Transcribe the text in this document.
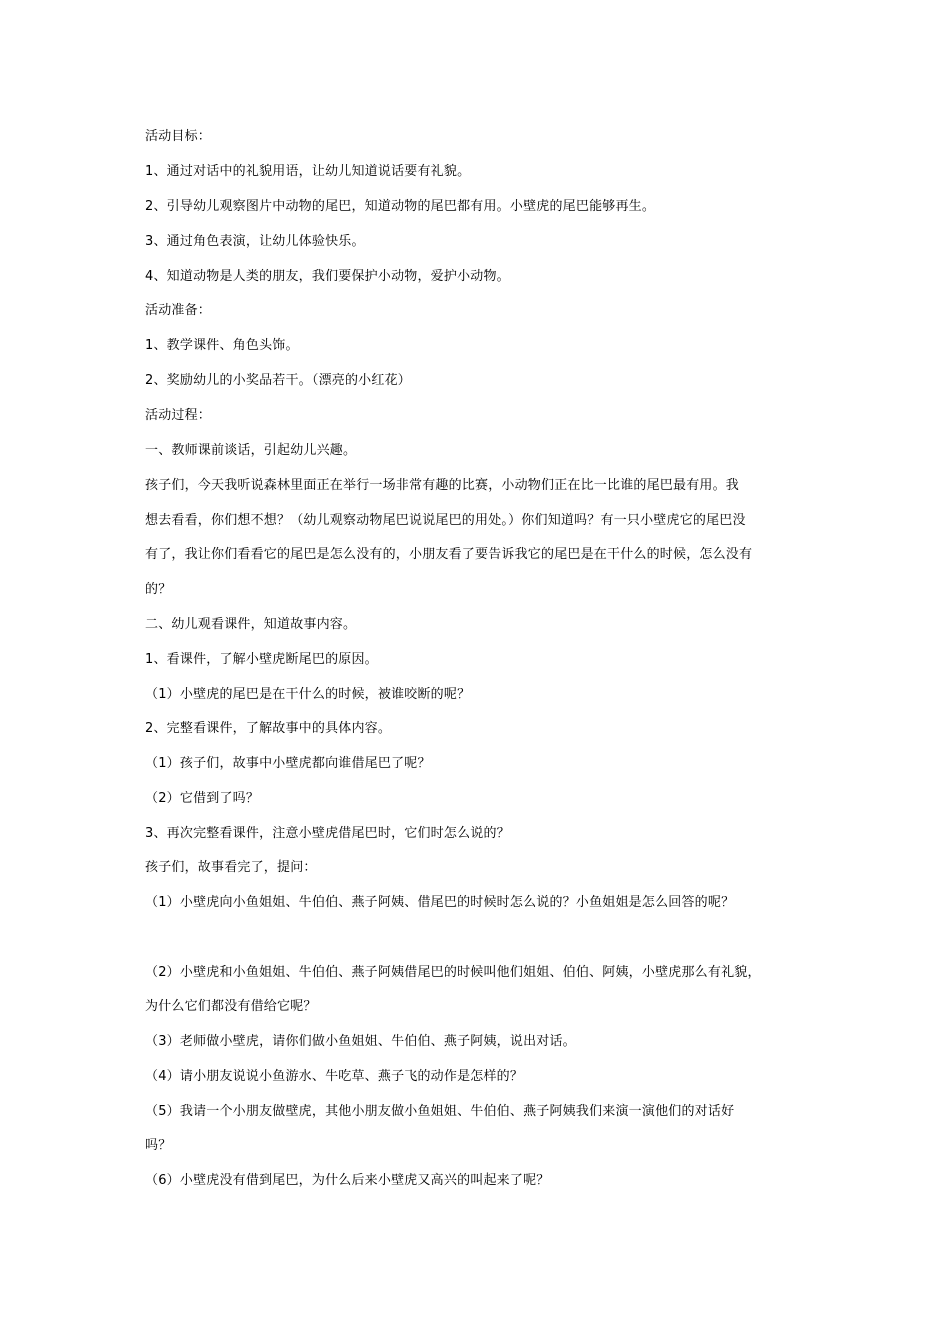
活动目标：
1、通过对话中的礼貌用语，让幼儿知道说话要有礼貌。
2、引导幼儿观察图片中动物的尾巴，知道动物的尾巴都有用。小壁虎的尾巴能够再生。
3、通过角色表演，让幼儿体验快乐。
4、知道动物是人类的朋友，我们要保护小动物，爱护小动物。
活动准备：
1、教学课件、角色头饰。
2、奖励幼儿的小奖品若干。（漂亮的小红花）
活动过程：
一、教师课前谈话，引起幼儿兴趣。
孩子们，今天我听说森林里面正在举行一场非常有趣的比赛，小动物们正在比一比谁的尾巴最有用。我
想去看看，你们想不想？（幼儿观察动物尾巴说说尾巴的用处。）你们知道吗？有一只小壁虎它的尾巴没
有了，我让你们看看它的尾巴是怎么没有的，小朋友看了要告诉我它的尾巴是在干什么的时候，怎么没有
的？
二、幼儿观看课件，知道故事内容。
1、看课件，了解小壁虎断尾巴的原因。
（1）小壁虎的尾巴是在干什么的时候，被谁咬断的呢？
2、完整看课件，了解故事中的具体内容。
（1）孩子们，故事中小壁虎都向谁借尾巴了呢？
（2）它借到了吗？
3、再次完整看课件，注意小壁虎借尾巴时，它们时怎么说的？
孩子们，故事看完了，提问：
（1）小壁虎向小鱼姐姐、牛伯伯、燕子阿姨、借尾巴的时候时怎么说的？小鱼姐姐是怎么回答的呢？
（2）小壁虎和小鱼姐姐、牛伯伯、燕子阿姨借尾巴的时候叫他们姐姐、伯伯、阿姨，小壁虎那么有礼貌，
为什么它们都没有借给它呢？
（3）老师做小壁虎，请你们做小鱼姐姐、牛伯伯、燕子阿姨，说出对话。
（4）请小朋友说说小鱼游水、牛吃草、燕子飞的动作是怎样的？
（5）我请一个小朋友做壁虎，其他小朋友做小鱼姐姐、牛伯伯、燕子阿姨我们来演一演他们的对话好
吗？
（6）小壁虎没有借到尾巴，为什么后来小壁虎又高兴的叫起来了呢？
